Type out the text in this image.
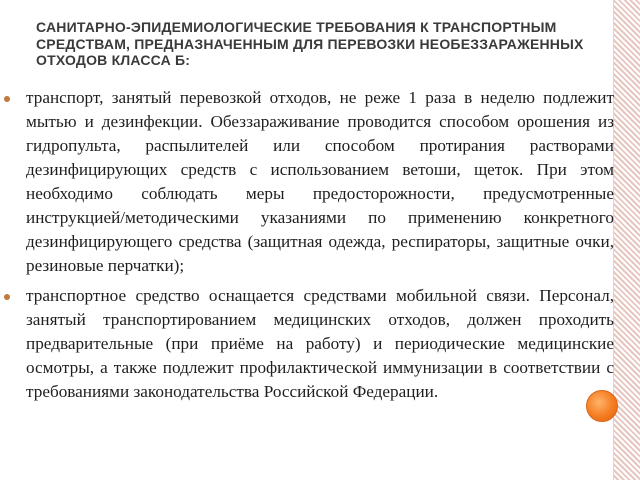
САНИТАРНО-ЭПИДЕМИОЛОГИЧЕСКИЕ ТРЕБОВАНИЯ К ТРАНСПОРТНЫМ СРЕДСТВАМ, ПРЕДНАЗНАЧЕННЫМ ДЛЯ ПЕРЕВОЗКИ НЕОБЕЗЗАРАЖЕННЫХ ОТХОДОВ КЛАССА Б:
транспорт, занятый перевозкой отходов, не реже 1 раза в неделю подлежит мытью и дезинфекции. Обеззараживание проводится способом орошения из гидропульта, распылителей или способом протирания растворами дезинфицирующих средств с использованием ветоши, щеток. При этом необходимо соблюдать меры предосторожности, предусмотренные инструкцией/методическими указаниями по применению конкретного дезинфицирующего средства (защитная одежда, респираторы, защитные очки, резиновые перчатки);
транспортное средство оснащается средствами мобильной связи. Персонал, занятый транспортированием медицинских отходов, должен проходить предварительные (при приёме на работу) и периодические медицинские осмотры, а также подлежит профилактической иммунизации в соответствии с требованиями законодательства Российской Федерации.
